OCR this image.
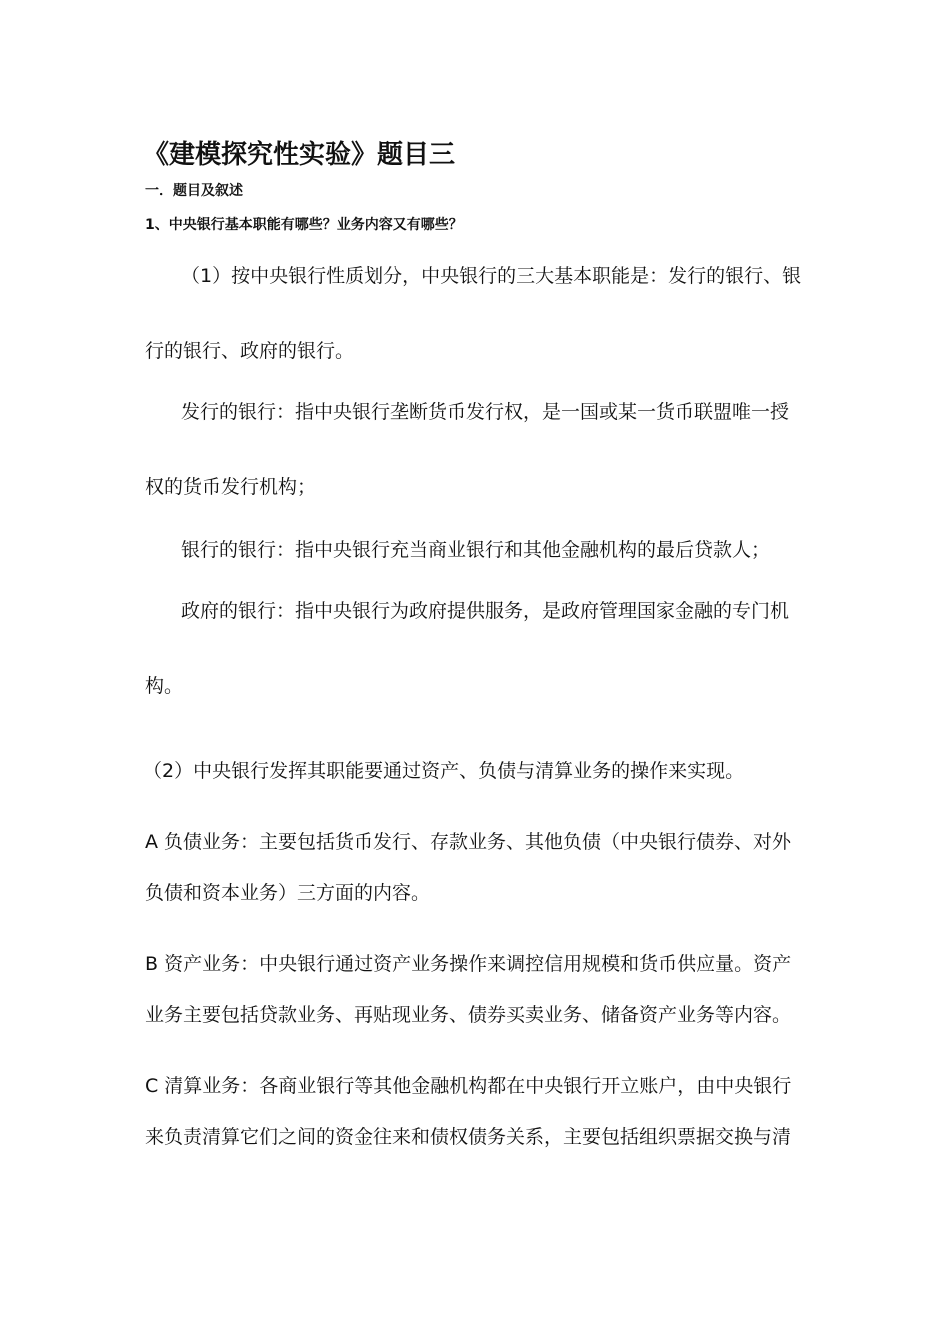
《建模探究性实验》题目三
一．题目及叙述
1、中央银行基本职能有哪些？业务内容又有哪些？
（1）按中央银行性质划分，中央银行的三大基本职能是：发行的银行、银
行的银行、政府的银行。
发行的银行：指中央银行垄断货币发行权，是一国或某一货币联盟唯一授
权的货币发行机构；
银行的银行：指中央银行充当商业银行和其他金融机构的最后贷款人；
政府的银行：指中央银行为政府提供服务，是政府管理国家金融的专门机
构。
（2）中央银行发挥其职能要通过资产、负债与清算业务的操作来实现。
A 负债业务：主要包括货币发行、存款业务、其他负债（中央银行债券、对外
负债和资本业务）三方面的内容。
B 资产业务：中央银行通过资产业务操作来调控信用规模和货币供应量。资产
业务主要包括贷款业务、再贴现业务、债券买卖业务、储备资产业务等内容。
C 清算业务：各商业银行等其他金融机构都在中央银行开立账户，由中央银行
来负责清算它们之间的资金往来和债权债务关系，主要包括组织票据交换与清
